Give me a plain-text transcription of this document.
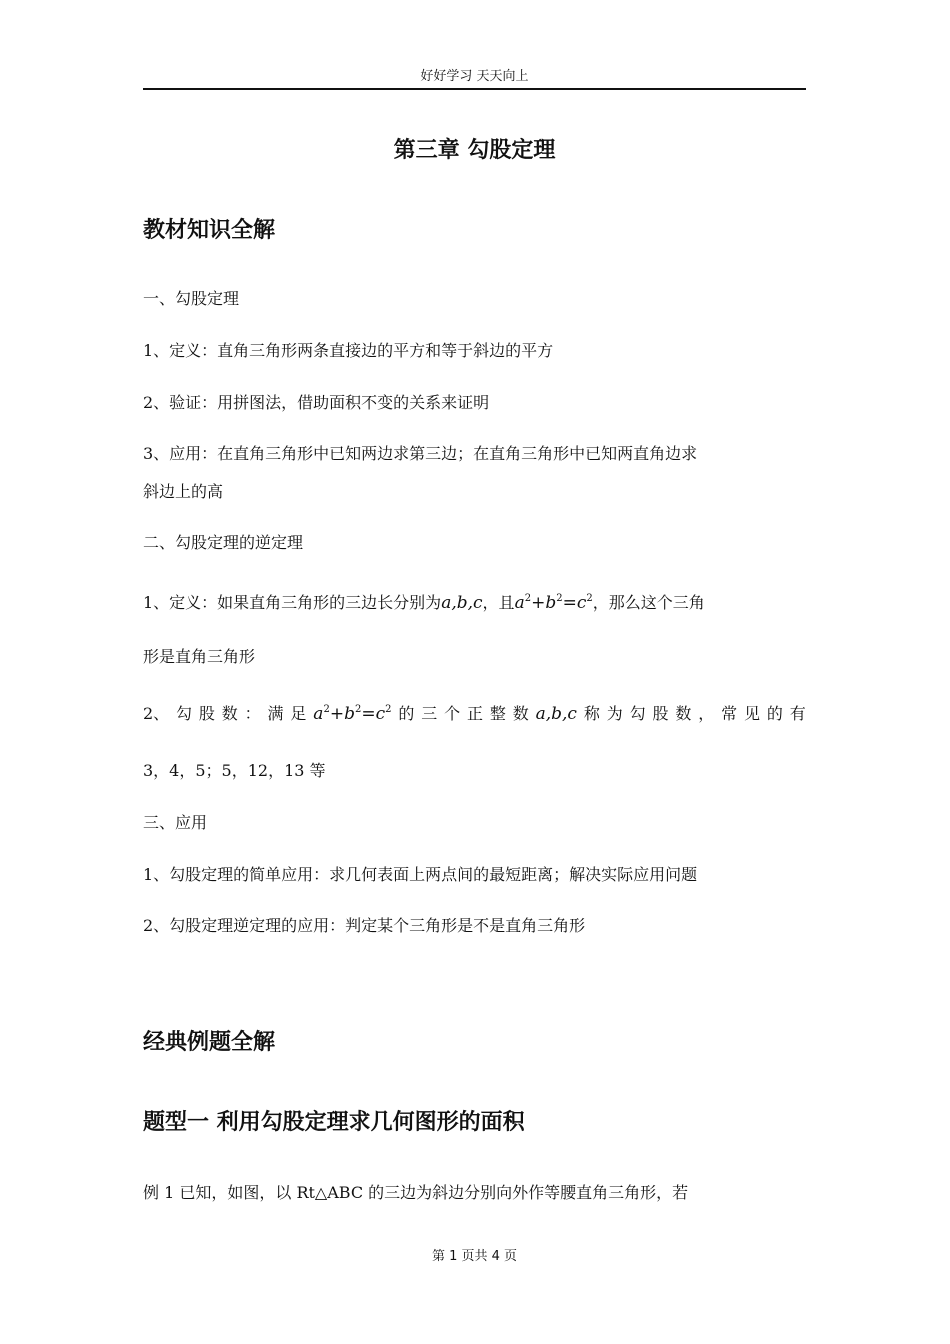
好好学习 天天向上
第三章 勾股定理
教材知识全解
一、勾股定理
1、定义：直角三角形两条直接边的平方和等于斜边的平方
2、验证：用拼图法，借助面积不变的关系来证明
3、应用：在直角三角形中已知两边求第三边；在直角三角形中已知两直角边求
斜边上的高
二、勾股定理的逆定理
1、定义：如果直角三角形的三边长分别为a,b,c，且$a^2+b^2=c^2$，那么这个三角
形是直角三角形
2、 勾 股 数 ： 满 足 $a^2+b^2=c^2$ 的 三 个 正 整 数 a,b,c 称 为 勾 股 数 ， 常 见 的 有
3，4，5；5，12，13 等
三、应用
1、勾股定理的简单应用：求几何表面上两点间的最短距离；解决实际应用问题
2、勾股定理逆定理的应用：判定某个三角形是不是直角三角形
经典例题全解
题型一 利用勾股定理求几何图形的面积
例 1 已知，如图，以 Rt△ABC 的三边为斜边分别向外作等腰直角三角形，若
第 1 页共 4 页
